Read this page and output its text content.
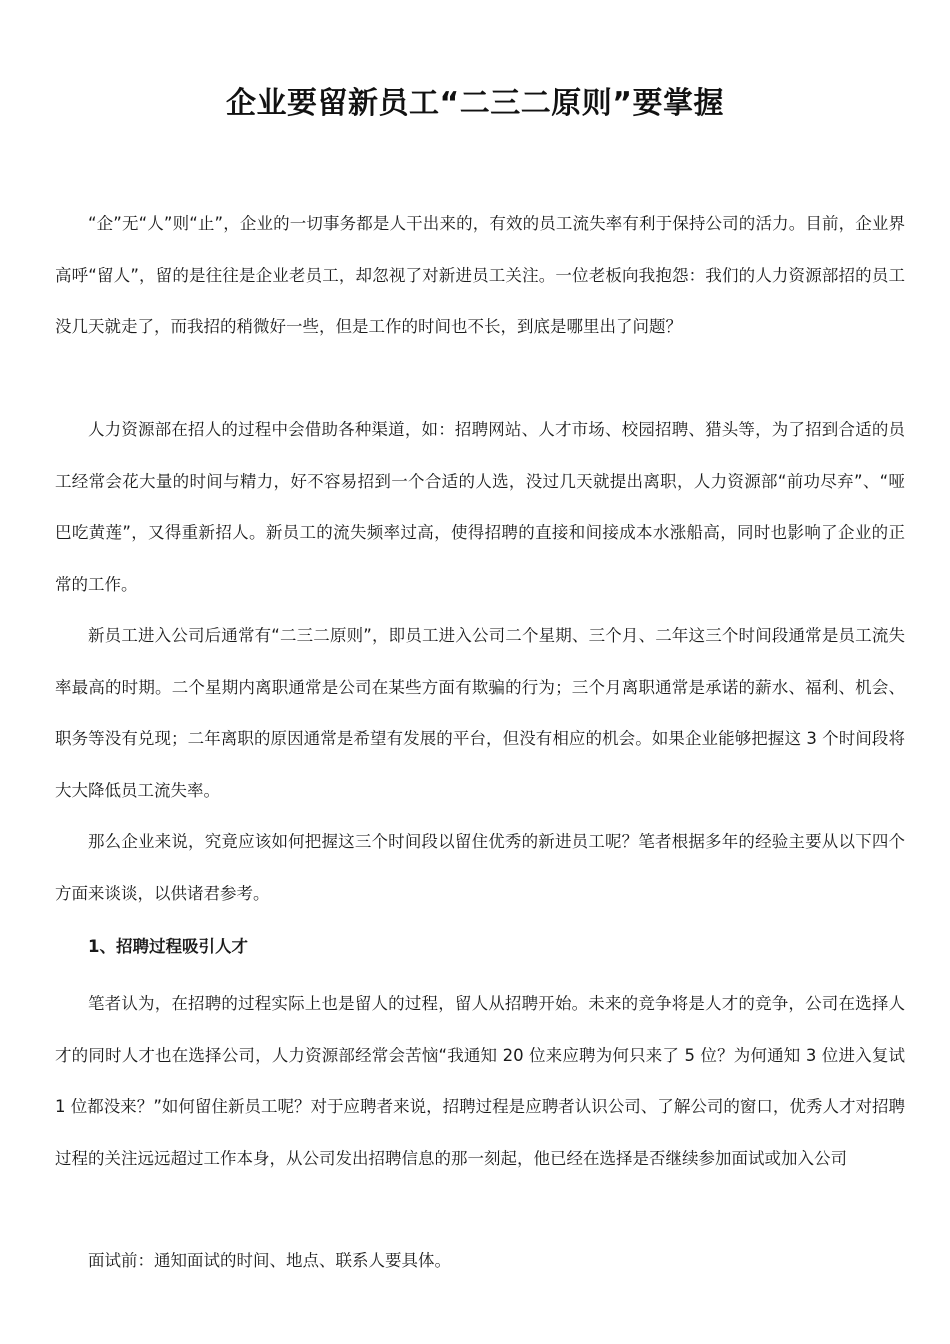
企业要留新员工“二三二原则”要掌握

“企”无“人”则“止”，企业的一切事务都是人干出来的，有效的员工流失率有利于保持公司的活力。目前，企业界高呼“留人”，留的是往往是企业老员工，却忽视了对新进员工关注。一位老板向我抱怨：我们的人力资源部招的员工没几天就走了，而我招的稍微好一些，但是工作的时间也不长，到底是哪里出了问题？

人力资源部在招人的过程中会借助各种渠道，如：招聘网站、人才市场、校园招聘、猎头等，为了招到合适的员工经常会花大量的时间与精力，好不容易招到一个合适的人选，没过几天就提出离职，人力资源部“前功尽弃”、“哑巴吃黄莲”，又得重新招人。新员工的流失频率过高，使得招聘的直接和间接成本水涨船高，同时也影响了企业的正常的工作。

新员工进入公司后通常有“二三二原则”，即员工进入公司二个星期、三个月、二年这三个时间段通常是员工流失率最高的时期。二个星期内离职通常是公司在某些方面有欺骗的行为；三个月离职通常是承诺的薪水、福利、机会、职务等没有兑现；二年离职的原因通常是希望有发展的平台，但没有相应的机会。如果企业能够把握这 3 个时间段将大大降低员工流失率。

那么企业来说，究竟应该如何把握这三个时间段以留住优秀的新进员工呢？笔者根据多年的经验主要从以下四个方面来谈谈，以供诸君参考。

1、招聘过程吸引人才

笔者认为，在招聘的过程实际上也是留人的过程，留人从招聘开始。未来的竞争将是人才的竞争，公司在选择人才的同时人才也在选择公司，人力资源部经常会苦恼“我通知 20 位来应聘为何只来了 5 位？为何通知 3 位进入复试 1 位都没来？”如何留住新员工呢？对于应聘者来说，招聘过程是应聘者认识公司、了解公司的窗口，优秀人才对招聘过程的关注远远超过工作本身，从公司发出招聘信息的那一刻起，他已经在选择是否继续参加面试或加入公司

面试前：通知面试的时间、地点、联系人要具体。
